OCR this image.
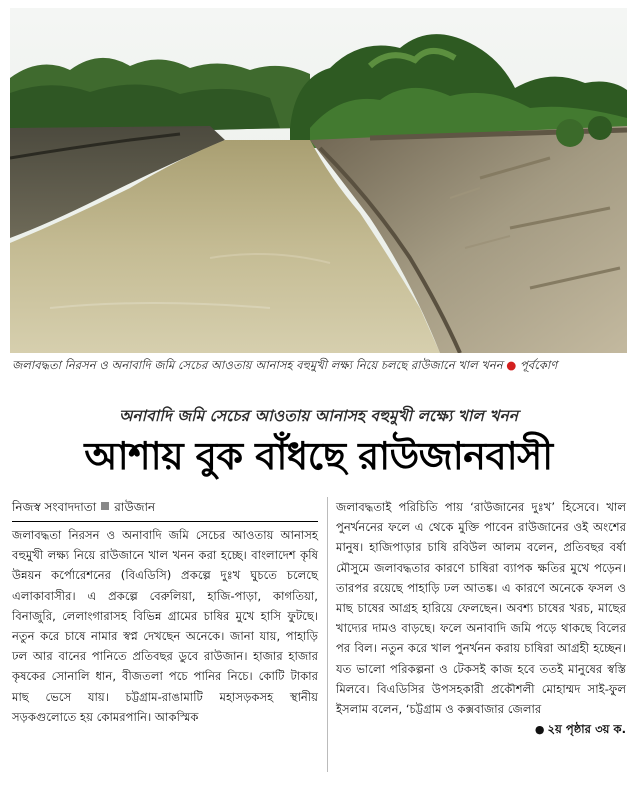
জলাবদ্ধতা নিরসন ও অনাবাদি জমি সেচের আওতায় আনাসহ বহুমুখী লক্ষ্য নিয়ে চলছে রাউজানে খাল খনন ● পূর্বকোণ
অনাবাদি জমি সেচের আওতায় আনাসহ বহুমুখী লক্ষ্যে খাল খনন
আশায় বুক বাঁধছে রাউজানবাসী
নিজস্ব সংবাদদাতা রাউজান

জলাবদ্ধতা নিরসন ও অনাবাদি জমি সেচের আওতায় আনাসহ বহুমুখী লক্ষ্য নিয়ে রাউজানে খাল খনন করা হচ্ছে। বাংলাদেশ কৃষি উন্নয়ন কর্পোরেশনের (বিএডিসি) প্রকল্পে দুঃখ ঘুচতে চলেছে এলাকাবাসীর। এ প্রকল্পে বেরুলিয়া, হাজি-পাড়া, কাগতিয়া, বিনাজুরি, লেলাংগারাসহ বিভিন্ন গ্রামের চাষির মুখে হাসি ফুটছে। নতুন করে চাষে নামার স্বপ্ন দেখছেন অনেকে। জানা যায়, পাহাড়ি ঢল আর বানের পানিতে প্রতিবছর ডুবে রাউজান। হাজার হাজার কৃষকের সোনালি ধান, বীজতলা পচে পানির নিচে। কোটি টাকার মাছ ভেসে যায়। চট্টগ্রাম-রাঙামাটি মহাসড়কসহ স্থানীয় সড়কগুলোতে হয় কোমরপানি। আকস্মিক

জলাবদ্ধতাই পরিচিতি পায় ‘রাউজানের দুঃখ’ হিসেবে। খাল পুনর্খননের ফলে এ থেকে মুক্তি পাবেন রাউজানের ওই অংশের মানুষ। হাজিপাড়ার চাষি রবিউল আলম বলেন, প্রতিবছর বর্ষা মৌসুমে জলাবদ্ধতার কারণে চাষিরা ব্যাপক ক্ষতির মুখে পড়েন। তারপর রয়েছে পাহাড়ি ঢল আতঙ্ক। এ কারণে অনেকে ফসল ও মাছ চাষের আগ্রহ হারিয়ে ফেলছেন। অবশ্য চাষের খরচ, মাছের খাদ্যের দামও বাড়ছে। ফলে অনাবাদি জমি পড়ে থাকছে বিলের পর বিল। নতুন করে খাল পুনর্খনন করায় চাষিরা আগ্রহী হচ্ছেন। যত ভালো পরিকল্পনা ও টেকসই কাজ হবে ততই মানুষের স্বস্তি মিলবে। বিএডিসির উপসহকারী প্রকৌশলী মোহাম্মদ সাই-ফুল ইসলাম বলেন, ‘চট্টগ্রাম ও কক্সবাজার জেলার

● ২য় পৃষ্ঠার ৩য় ক.
